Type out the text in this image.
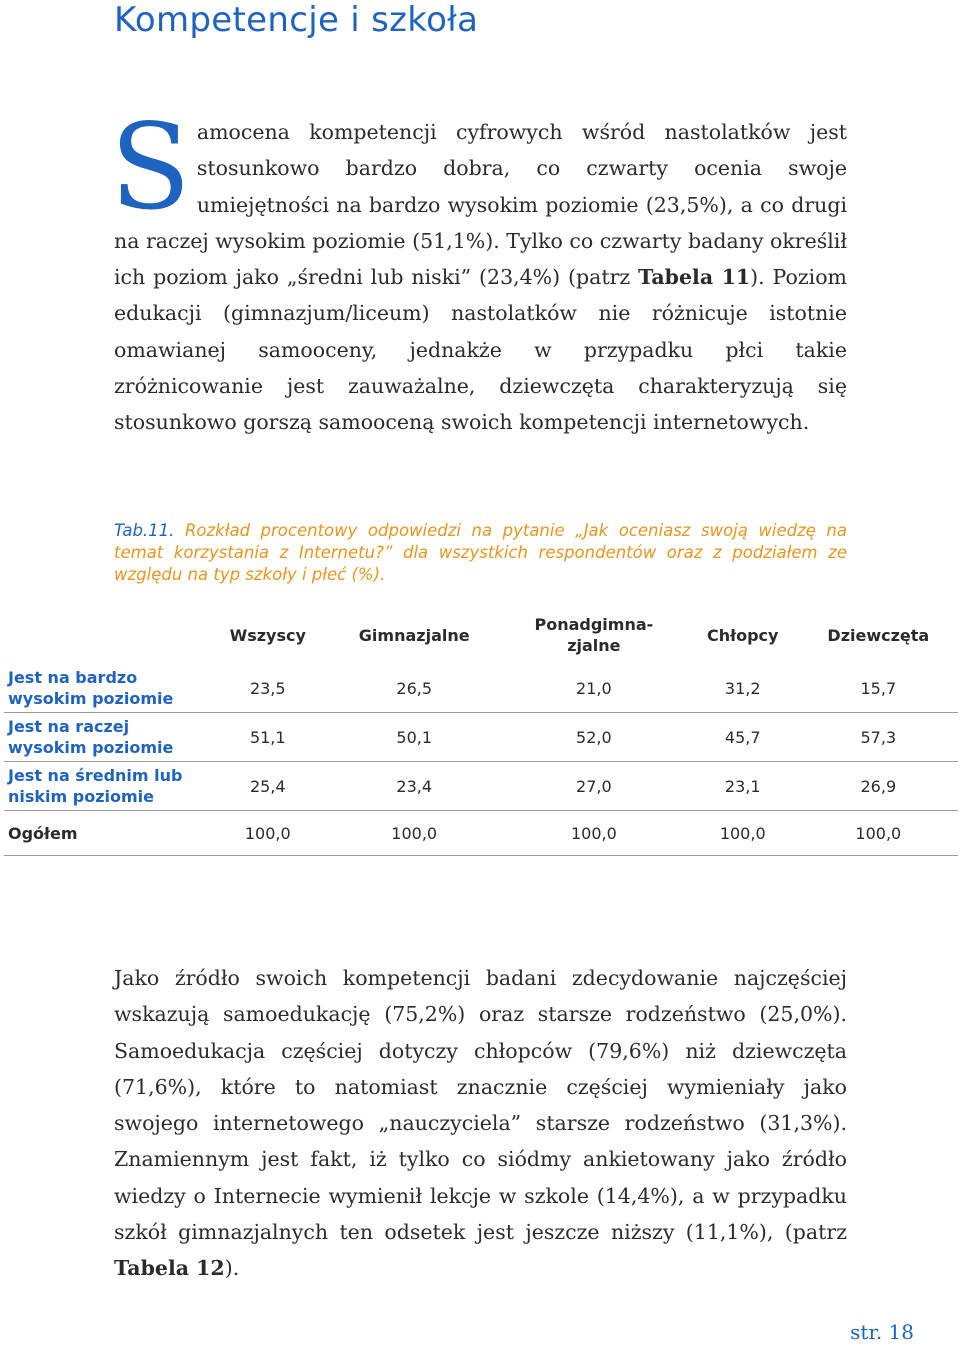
Kompetencje i szkoła
Samocena kompetencji cyfrowych wśród nastolatków jest stosunkowo bardzo dobra, co czwarty ocenia swoje umiejętności na bardzo wysokim poziomie (23,5%), a co drugi na raczej wysokim poziomie (51,1%). Tylko co czwarty badany określił ich poziom jako „średni lub niski” (23,4%) (patrz Tabela 11). Poziom edukacji (gimnazjum/liceum) nastolatków nie różnicuje istotnie omawianej samooceny, jednakże w przypadku płci takie zróżnicowanie jest zauważalne, dziewczęta charakteryzują się stosunkowo gorszą samooceną swoich kompetencji internetowych.
Tab.11. Rozkład procentowy odpowiedzi na pytanie „Jak oceniasz swoją wiedzę na temat korzystania z Internetu?” dla wszystkich respondentów oraz z podziałem ze względu na typ szkoły i płeć (%).
	Wszyscy	Gimnazjalne	Ponadgimna-
zjalne	Chłopcy	Dziewczęta
Jest na bardzo wysokim poziomie	23,5	26,5	21,0	31,2	15,7
Jest na raczej wysokim poziomie	51,1	50,1	52,0	45,7	57,3
Jest na średnim lub niskim poziomie	25,4	23,4	27,0	23,1	26,9
Ogółem	100,0	100,0	100,0	100,0	100,0
Jako źródło swoich kompetencji badani zdecydowanie najczęściej wskazują samoedukację (75,2%) oraz starsze rodzeństwo (25,0%). Samoedukacja częściej dotyczy chłopców (79,6%) niż dziewczęta (71,6%), które to natomiast znacznie częściej wymieniały jako swojego internetowego „nauczyciela” starsze rodzeństwo (31,3%). Znamiennym jest fakt, iż tylko co siódmy ankietowany jako źródło wiedzy o Internecie wymienił lekcje w szkole (14,4%), a w przypadku szkół gimnazjalnych ten odsetek jest jeszcze niższy (11,1%), (patrz Tabela 12).
str. 18
